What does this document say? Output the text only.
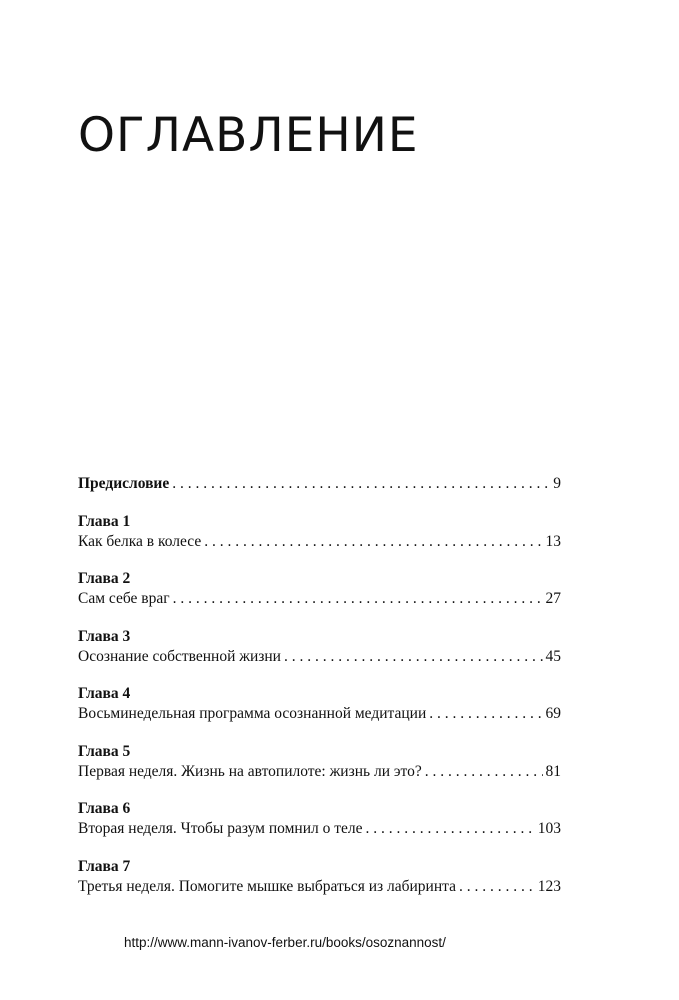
ОГЛАВЛЕНИЕ
Предисловие . . .	9
Глава 1
Как белка в колесе . . .	13
Глава 2
Сам себе враг . . .	27
Глава 3
Осознание собственной жизни . . .	45
Глава 4
Восьминедельная программа осознанной медитации . . .	69
Глава 5
Первая неделя. Жизнь на автопилоте: жизнь ли это? . . .	81
Глава 6
Вторая неделя. Чтобы разум помнил о теле . . .	103
Глава 7
Третья неделя. Помогите мышке выбраться из лабиринта . . .	123
http://www.mann-ivanov-ferber.ru/books/osoznannost/
